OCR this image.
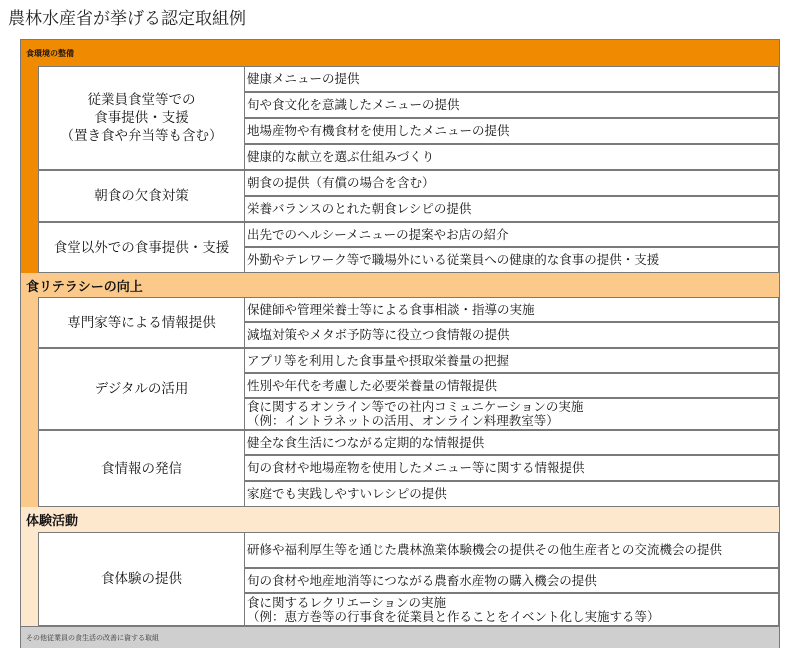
農林水産省が挙げる認定取組例
食環境の整備
従業員食堂等での
食事提供・支援
（置き食や弁当等も含む）
健康メニューの提供
旬や食文化を意識したメニューの提供
地場産物や有機食材を使用したメニューの提供
健康的な献立を選ぶ仕組みづくり
朝食の欠食対策
朝食の提供（有償の場合を含む）
栄養バランスのとれた朝食レシピの提供
食堂以外での食事提供・支援
出先でのヘルシーメニューの提案やお店の紹介
外勤やテレワーク等で職場外にいる従業員への健康的な食事の提供・支援
食リテラシーの向上
専門家等による情報提供
保健師や管理栄養士等による食事相談・指導の実施
減塩対策やメタボ予防等に役立つ食情報の提供
デジタルの活用
アプリ等を利用した食事量や摂取栄養量の把握
性別や年代を考慮した必要栄養量の情報提供
食に関するオンライン等での社内コミュニケーションの実施
（例：イントラネットの活用、オンライン料理教室等）
食情報の発信
健全な食生活につながる定期的な情報提供
旬の食材や地場産物を使用したメニュー等に関する情報提供
家庭でも実践しやすいレシピの提供
体験活動
食体験の提供
研修や福利厚生等を通じた農林漁業体験機会の提供その他生産者との交流機会の提供
旬の食材や地産地消等につながる農畜水産物の購入機会の提供
食に関するレクリエーションの実施
（例：恵方巻等の行事食を従業員と作ることをイベント化し実施する等）
その他従業員の食生活の改善に資する取組
